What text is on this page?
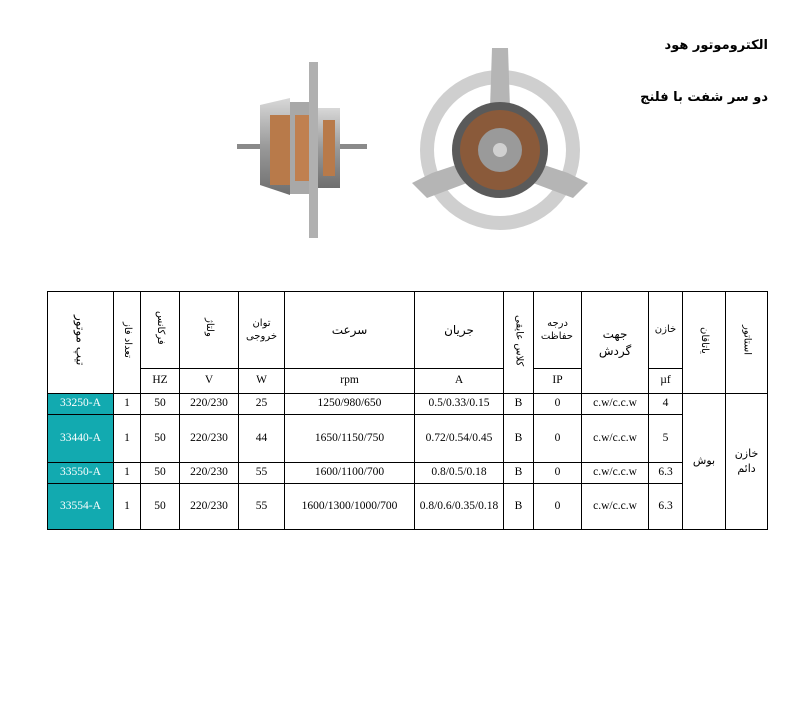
الکتروموتور هود
دو سر شفت با فلنج
تیپ موتور	تعداد فاز	فرکانس	ولتاژ	توان خروجی	سرعت	جریان	کلاس عایقی	درجه حفاظت	جهت گردش	خازن	یاتاقان	استاتور
		HZ	V	W	rpm	A		IP		µf		
33250-A	1	50	220/230	25	1250/980/650	0.5/0.33/0.15	B	0	c.w/c.c.w	4	بوش	خازن دائم
33440-A	1	50	220/230	44	1650/1150/750	0.72/0.54/0.45	B	0	c.w/c.c.w	5		
33550-A	1	50	220/230	55	1600/1100/700	0.8/0.5/0.18	B	0	c.w/c.c.w	6.3		
33554-A	1	50	220/230	55	1600/1300/1000/700	0.8/0.6/0.35/0.18	B	0	c.w/c.c.w	6.3		
